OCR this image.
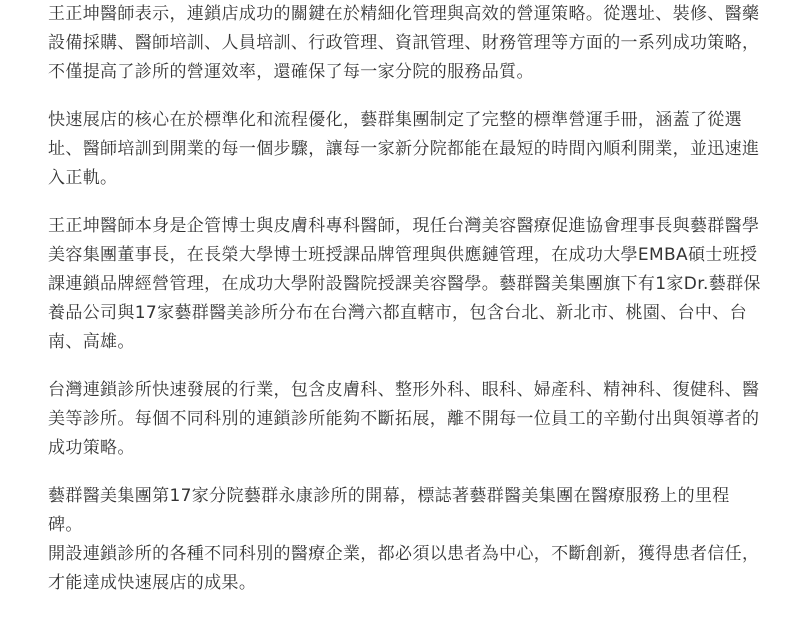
王正坤醫師表示，連鎖店成功的關鍵在於精細化管理與高效的營運策略。從選址、裝修、醫藥
設備採購、醫師培訓、人員培訓、行政管理、資訊管理、財務管理等方面的一系列成功策略，
不僅提高了診所的營運效率，還確保了每一家分院的服務品質。

快速展店的核心在於標準化和流程優化，藝群集團制定了完整的標準營運手冊，涵蓋了從選
址、醫師培訓到開業的每一個步驟，讓每一家新分院都能在最短的時間內順利開業，並迅速進
入正軌。

王正坤醫師本身是企管博士與皮膚科專科醫師，現任台灣美容醫療促進協會理事長與藝群醫學
美容集團董事長，在長榮大學博士班授課品牌管理與供應鏈管理，在成功大學EMBA碩士班授
課連鎖品牌經營管理，在成功大學附設醫院授課美容醫學。藝群醫美集團旗下有1家Dr.藝群保
養品公司與17家藝群醫美診所分布在台灣六都直轄市，包含台北、新北市、桃園、台中、台
南、高雄。

台灣連鎖診所快速發展的行業，包含皮膚科、整形外科、眼科、婦產科、精神科、復健科、醫
美等診所。每個不同科別的連鎖診所能夠不斷拓展，離不開每一位員工的辛勤付出與領導者的
成功策略。

藝群醫美集團第17家分院藝群永康診所的開幕，標誌著藝群醫美集團在醫療服務上的里程碑。
開設連鎖診所的各種不同科別的醫療企業，都必須以患者為中心，不斷創新，獲得患者信任，
才能達成快速展店的成果。
